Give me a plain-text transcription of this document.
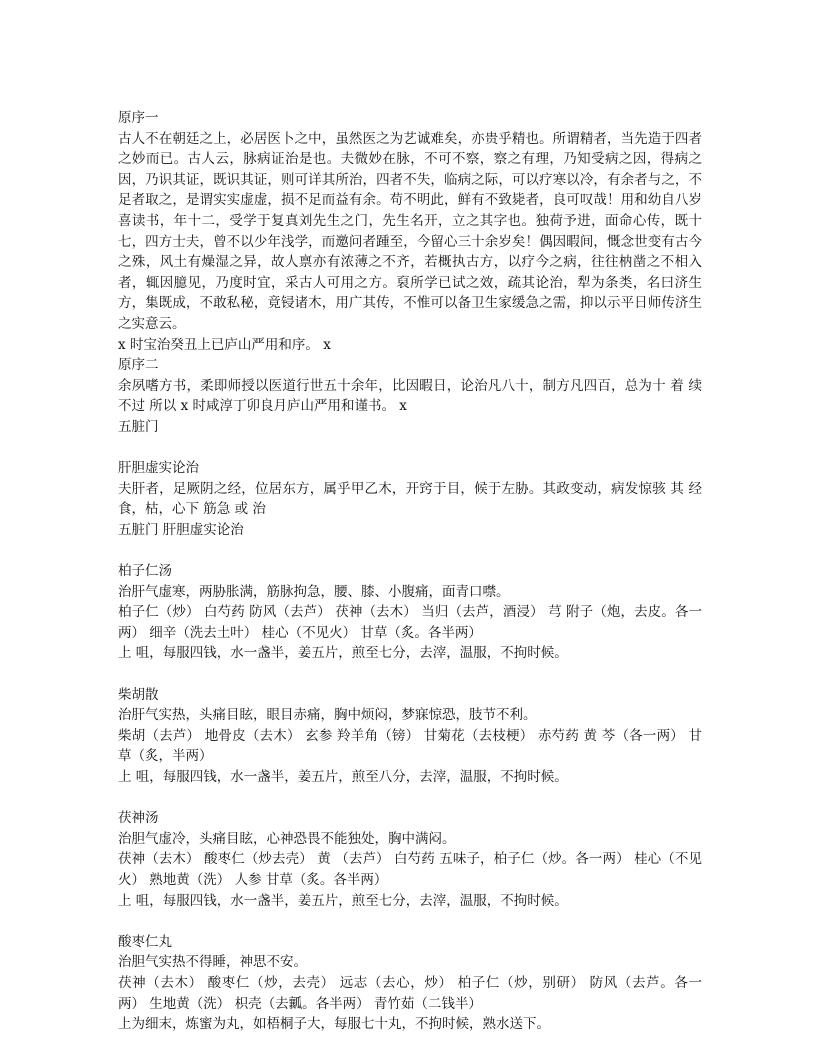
原序一

古人不在朝廷之上，必居医卜之中，虽然医之为艺诚难矣，亦贵乎精也。所谓精者，当先造于四者之妙而已。古人云，脉病证治是也。夫微妙在脉，不可不察，察之有理，乃知受病之因，得病之因，乃识其证，既识其证，则可详其所治，四者不失，临病之际，可以疗寒以冷，有余者与之，不足者取之，是谓实实虚虚，损不足而益有余。苟不明此，鲜有不致毙者，良可叹哉！用和幼自八岁喜读书，年十二，受学于复真刘先生之门，先生名开，立之其字也。独荷予进，面命心传，既十七，四方士夫，曾不以少年浅学，而邀问者踵至，今留心三十余岁矣！偶因暇间，慨念世变有古今之殊，风土有燥湿之异，故人禀亦有浓薄之不齐，若概执古方，以疗今之病，往往枘凿之不相入者，辄因臆见，乃度时宜，采古人可用之方。裒所学已试之效，疏其论治，犁为条类，名曰济生方，集既成，不敢私秘，竟锓诸木，用广其传，不惟可以备卫生家缓急之需，抑以示平日师传济生之实意云。

x 时宝治癸丑上已庐山严用和序。 x

原序二

余夙嗜方书，柔即师授以医道行世五十余年，比因暇日，论治凡八十，制方凡四百，总为十 着 续 不过 所以 x 时咸淳丁卯良月庐山严用和谨书。 x

五脏门

肝胆虚实论治

夫肝者，足厥阴之经，位居东方，属乎甲乙木，开窍于目，候于左胁。其政变动，病发惊骇 其 经 食，枯，心下 筋急 或 治

五脏门 肝胆虚实论治

柏子仁汤

治肝气虚寒，两胁胀满，筋脉拘急，腰、膝、小腹痛，面青口噤。

柏子仁（炒） 白芍药 防风（去芦） 茯神（去木） 当归（去芦，酒浸） 芎 附子（炮，去皮。各一两） 细辛（洗去土叶） 桂心（不见火） 甘草（炙。各半两）

上 咀，每服四钱，水一盏半，姜五片，煎至七分，去滓，温服，不拘时候。

柴胡散

治肝气实热，头痛目眩，眼目赤痛，胸中烦闷，梦寐惊恐，肢节不利。

柴胡（去芦） 地骨皮（去木） 玄参 羚羊角（镑） 甘菊花（去枝梗） 赤芍药 黄 芩（各一两） 甘草（炙，半两）

上 咀，每服四钱，水一盏半，姜五片，煎至八分，去滓，温服，不拘时候。

茯神汤

治胆气虚冷，头痛目眩，心神恐畏不能独处，胸中满闷。

茯神（去木） 酸枣仁（炒去壳） 黄 （去芦） 白芍药 五味子，柏子仁（炒。各一两） 桂心（不见火） 熟地黄（洗） 人参 甘草（炙。各半两）

上 咀，每服四钱，水一盏半，姜五片，煎至七分，去滓，温服，不拘时候。

酸枣仁丸

治胆气实热不得睡，神思不安。

茯神（去木） 酸枣仁（炒，去壳） 远志（去心，炒） 柏子仁（炒，别研） 防风（去芦。各一两） 生地黄（洗） 枳壳（去瓤。各半两） 青竹茹（二钱半）

上为细末，炼蜜为丸，如梧桐子大，每服七十丸，不拘时候，熟水送下。
